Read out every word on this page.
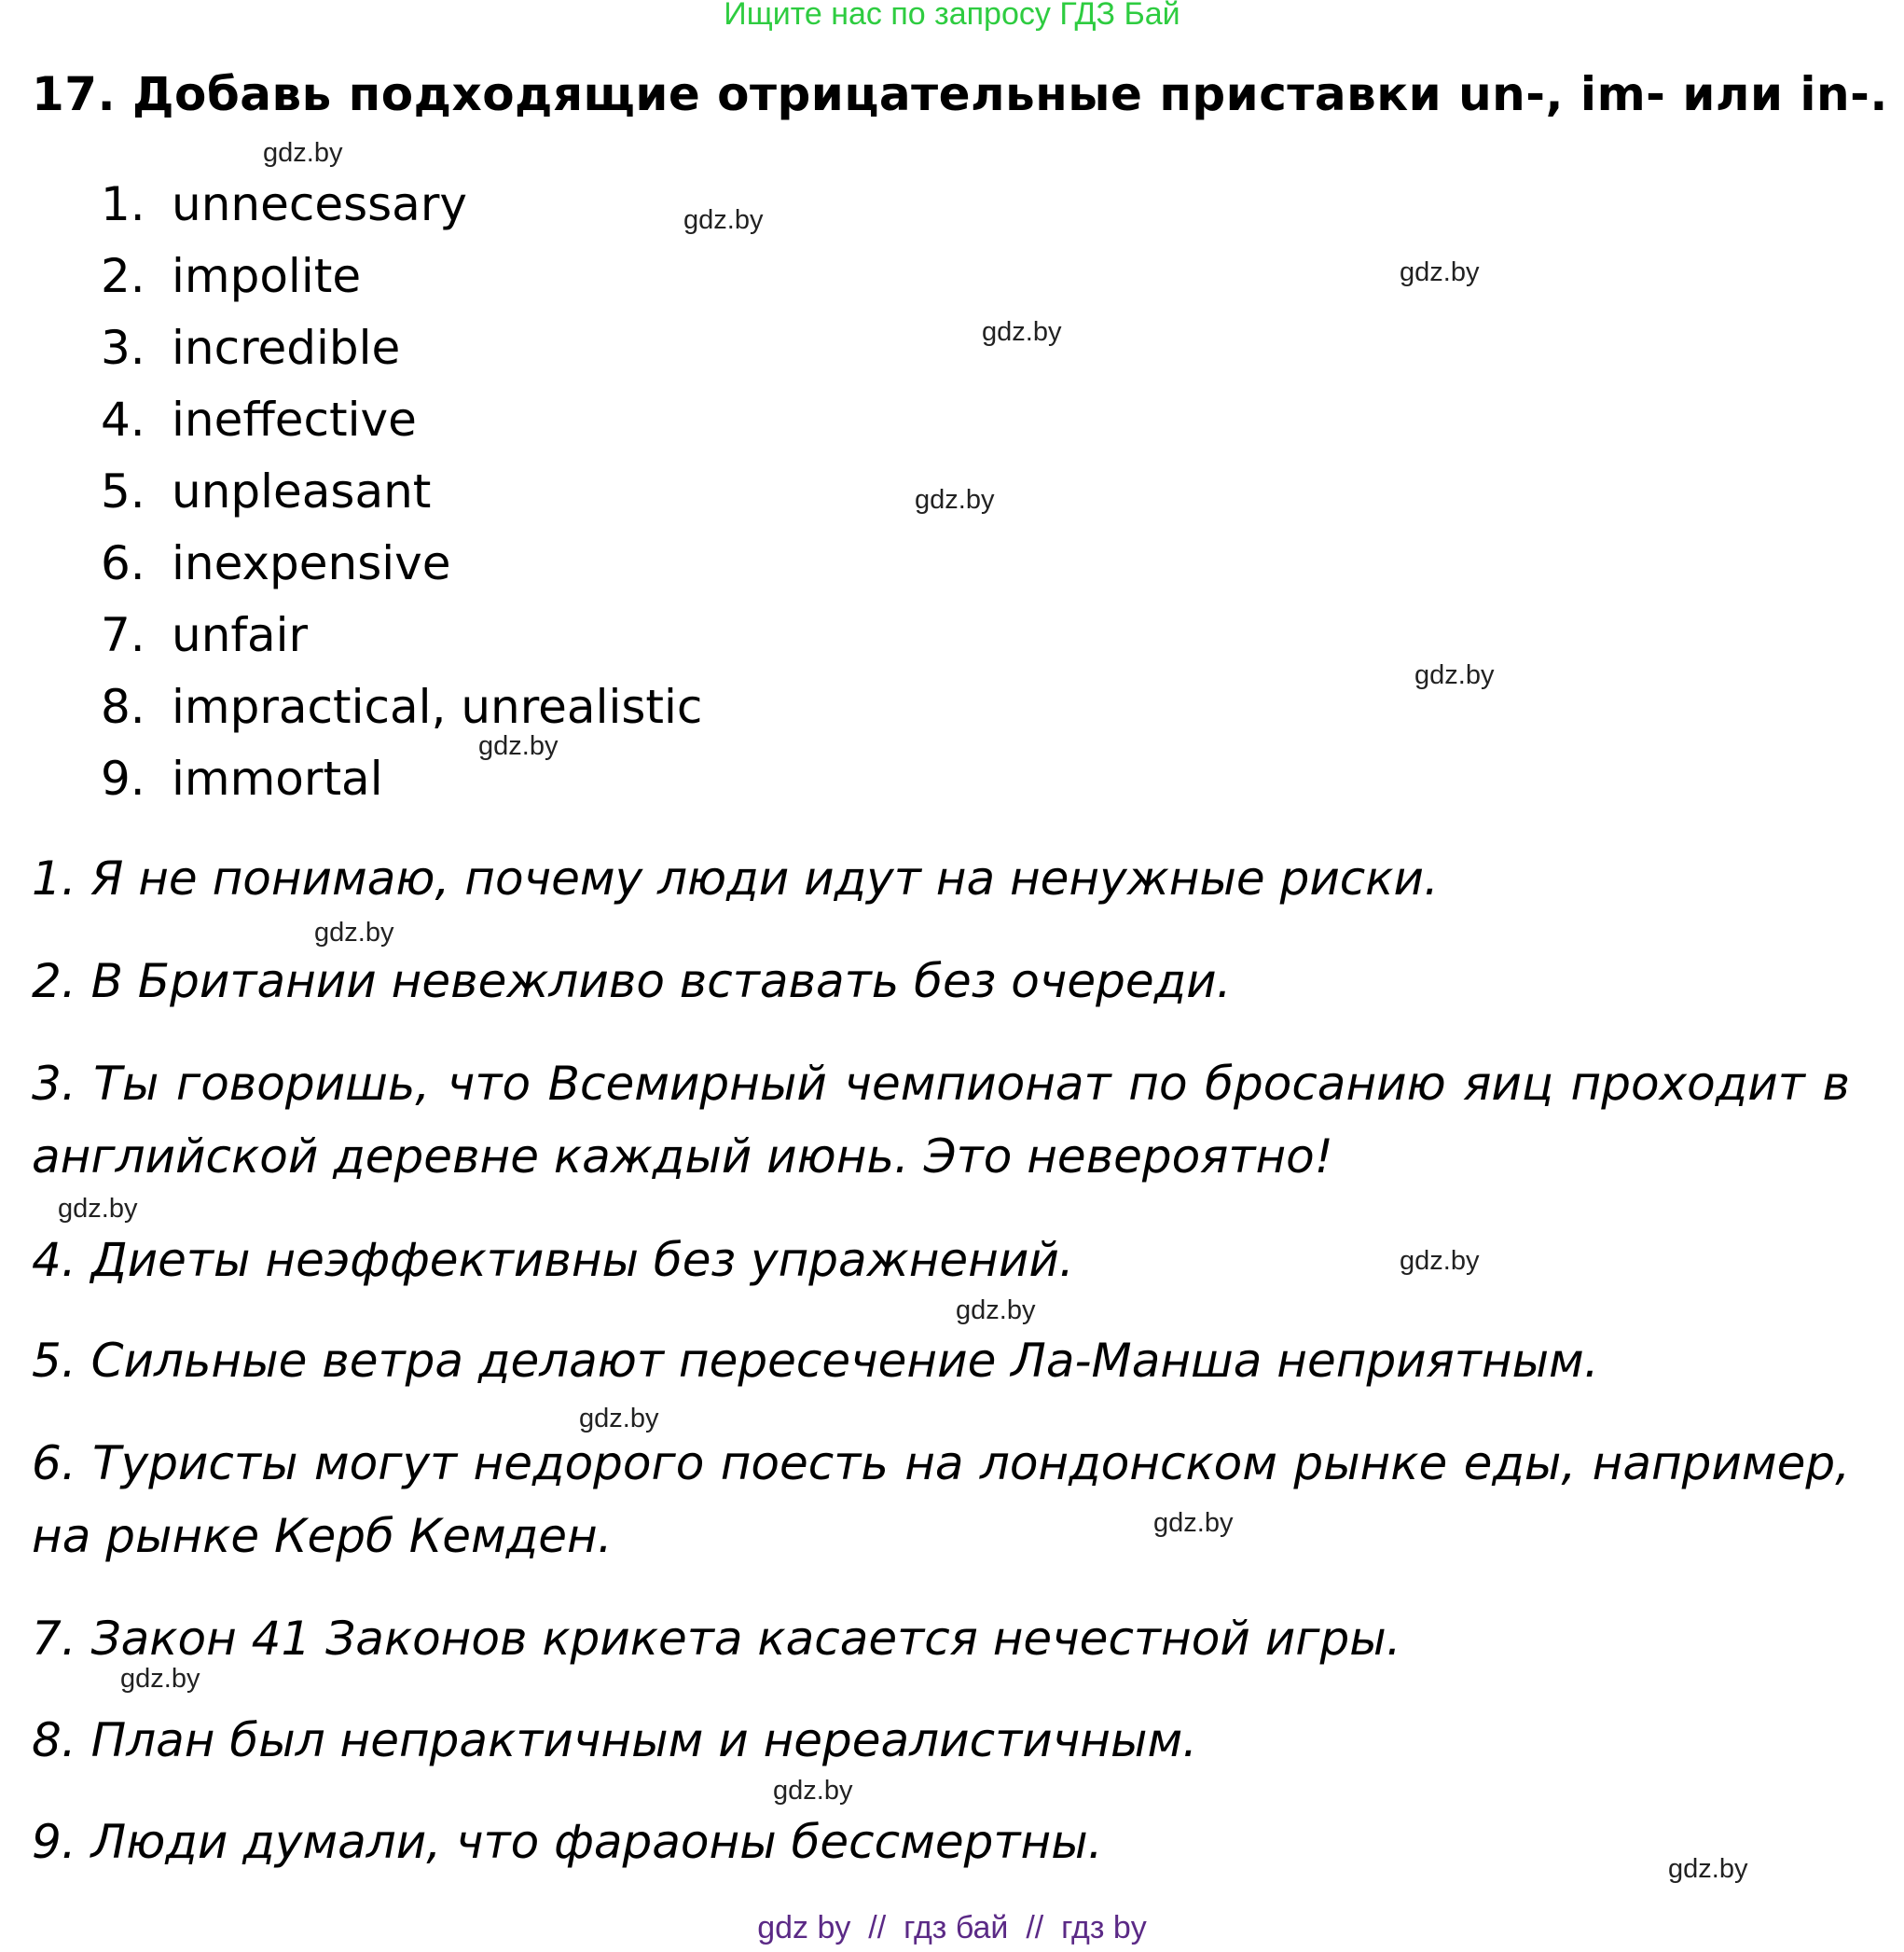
Ищите нас по запросу ГДЗ Бай
17. Добавь подходящие отрицательные приставки un-, im- или in-.
1. unnecessary
2. impolite
3. incredible
4. ineffective
5. unpleasant
6. inexpensive
7. unfair
8. impractical, unrealistic
9. immortal

1. Я не понимаю, почему люди идут на ненужные риски.

2. В Британии невежливо вставать без очереди.

3. Ты говоришь, что Всемирный чемпионат по бросанию яиц проходит в английской деревне каждый июнь. Это невероятно!

4. Диеты неэффективны без упражнений.

5. Сильные ветра делают пересечение Ла-Манша неприятным.

6. Туристы могут недорого поесть на лондонском рынке еды, например, на рынке Керб Кемден.

7. Закон 41 Законов крикета касается нечестной игры.

8. План был непрактичным и нереалистичным.

9. Люди думали, что фараоны бессмертны.

gdz.by
gdz.by
gdz.by
gdz.by
gdz.by
gdz.by
gdz.by
gdz.by
gdz.by
gdz.by
gdz.by
gdz.by
gdz.by
gdz.by
gdz.by
gdz.by
gdz by  //  гдз бай  //  гдз by
